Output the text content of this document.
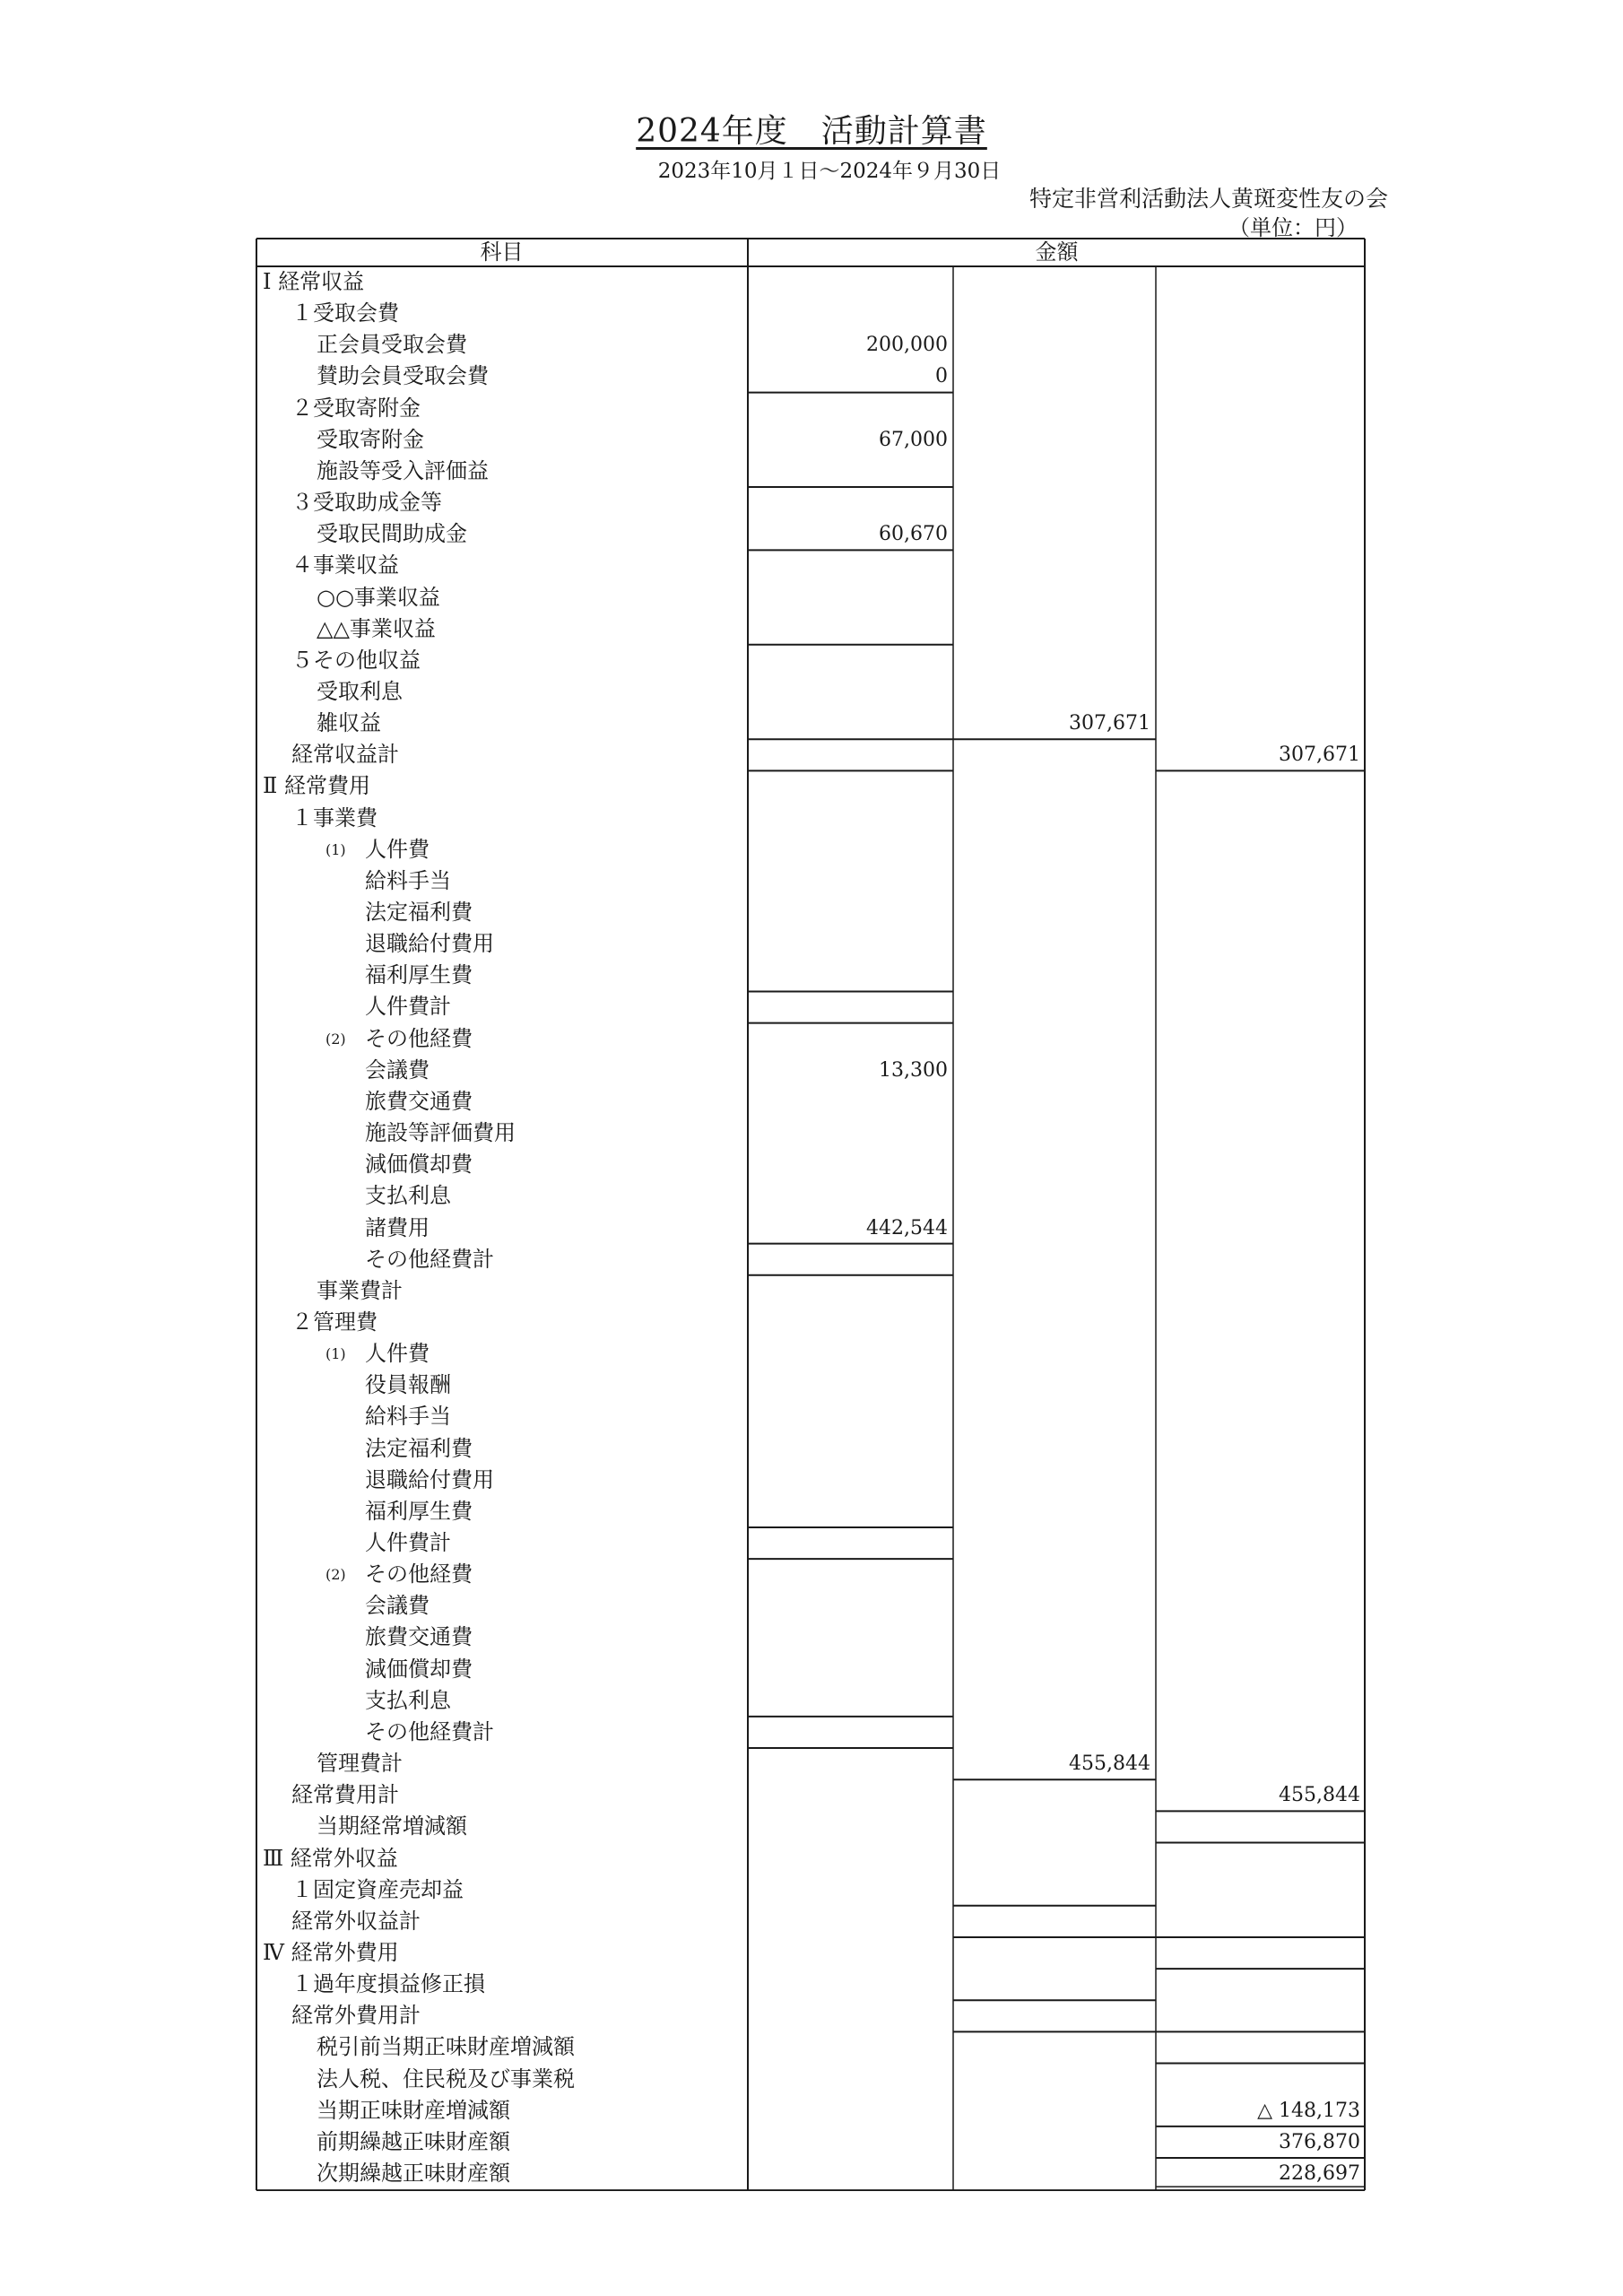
2024年度　活動計算書
2023年10月１日～2024年９月30日
特定非営利活動法人黄斑変性友の会
（単位：円）
科目	金額
Ⅰ 経常収益
１受取会費
正会員受取会費	200,000
賛助会員受取会費	0
２受取寄附金
受取寄附金	67,000
施設等受入評価益
３受取助成金等
受取民間助成金	60,670
４事業収益
○○事業収益
△△事業収益
５その他収益
受取利息
雑収益	307,671
経常収益計	307,671
Ⅱ 経常費用
１事業費
(1) 人件費
給料手当
法定福利費
退職給付費用
福利厚生費
人件費計
(2) その他経費
会議費	13,300
旅費交通費
施設等評価費用
減価償却費
支払利息
諸費用	442,544
その他経費計
事業費計
２管理費
(1) 人件費
役員報酬
給料手当
法定福利費
退職給付費用
福利厚生費
人件費計
(2) その他経費
会議費
旅費交通費
減価償却費
支払利息
その他経費計
管理費計	455,844
経常費用計	455,844
当期経常増減額
Ⅲ 経常外収益
１固定資産売却益
経常外収益計
Ⅳ 経常外費用
１過年度損益修正損
経常外費用計
税引前当期正味財産増減額
法人税、住民税及び事業税
当期正味財産増減額	△ 148,173
前期繰越正味財産額	376,870
次期繰越正味財産額	228,697
